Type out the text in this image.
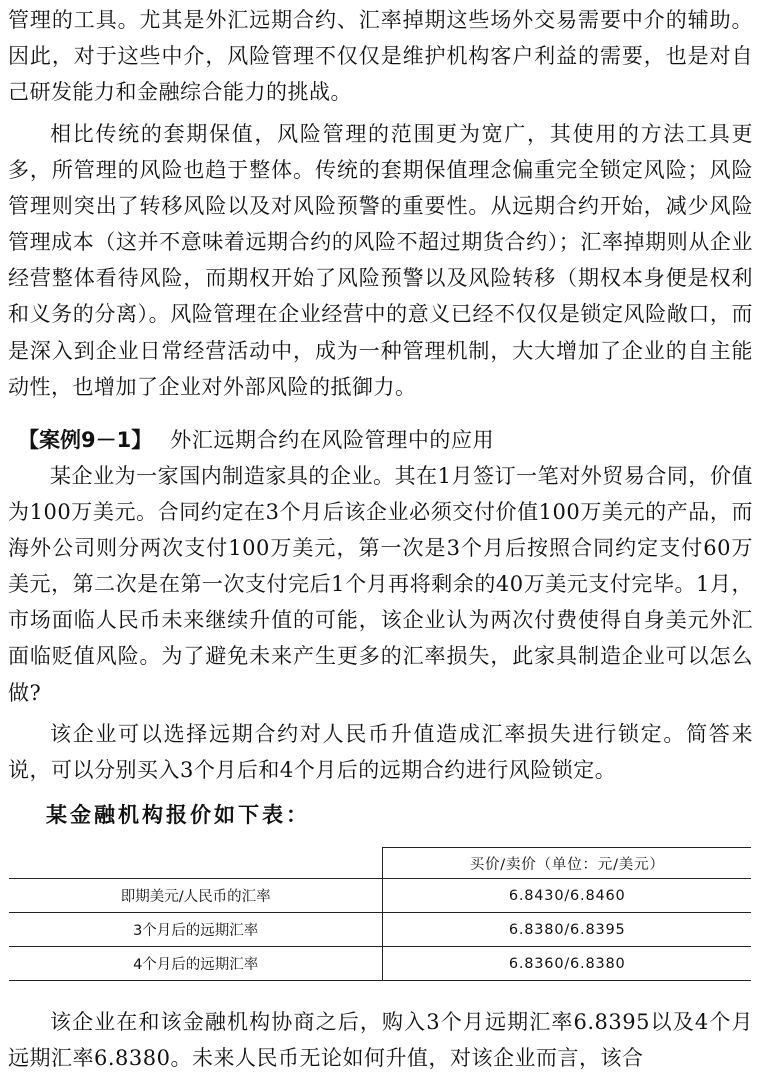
管理的工具。尤其是外汇远期合约、汇率掉期这些场外交易需要中介的辅助。因此，对于这些中介，风险管理不仅仅是维护机构客户利益的需要，也是对自己研发能力和金融综合能力的挑战。

相比传统的套期保值，风险管理的范围更为宽广，其使用的方法工具更多，所管理的风险也趋于整体。传统的套期保值理念偏重完全锁定风险；风险管理则突出了转移风险以及对风险预警的重要性。从远期合约开始，减少风险管理成本（这并不意味着远期合约的风险不超过期货合约）；汇率掉期则从企业经营整体看待风险，而期权开始了风险预警以及风险转移（期权本身便是权利和义务的分离）。风险管理在企业经营中的意义已经不仅仅是锁定风险敞口，而是深入到企业日常经营活动中，成为一种管理机制，大大增加了企业的自主能动性，也增加了企业对外部风险的抵御力。

【案例9－1】 外汇远期合约在风险管理中的应用

某企业为一家国内制造家具的企业。其在1月签订一笔对外贸易合同，价值为100万美元。合同约定在3个月后该企业必须交付价值100万美元的产品，而海外公司则分两次支付100万美元，第一次是3个月后按照合同约定支付60万美元，第二次是在第一次支付完后1个月再将剩余的40万美元支付完毕。1月，市场面临人民币未来继续升值的可能，该企业认为两次付费使得自身美元外汇面临贬值风险。为了避免未来产生更多的汇率损失，此家具制造企业可以怎么做?

该企业可以选择远期合约对人民币升值造成汇率损失进行锁定。简答来说，可以分别买入3个月后和4个月后的远期合约进行风险锁定。

某金融机构报价如下表：
	买价/卖价（单位：元/美元）
即期美元/人民币的汇率	6.8430/6.8460
3个月后的远期汇率	6.8380/6.8395
4个月后的远期汇率	6.8360/6.8380

该企业在和该金融机构协商之后，购入3个月远期汇率6.8395以及4个月远期汇率6.8380。未来人民币无论如何升值，对该企业而言，该合
